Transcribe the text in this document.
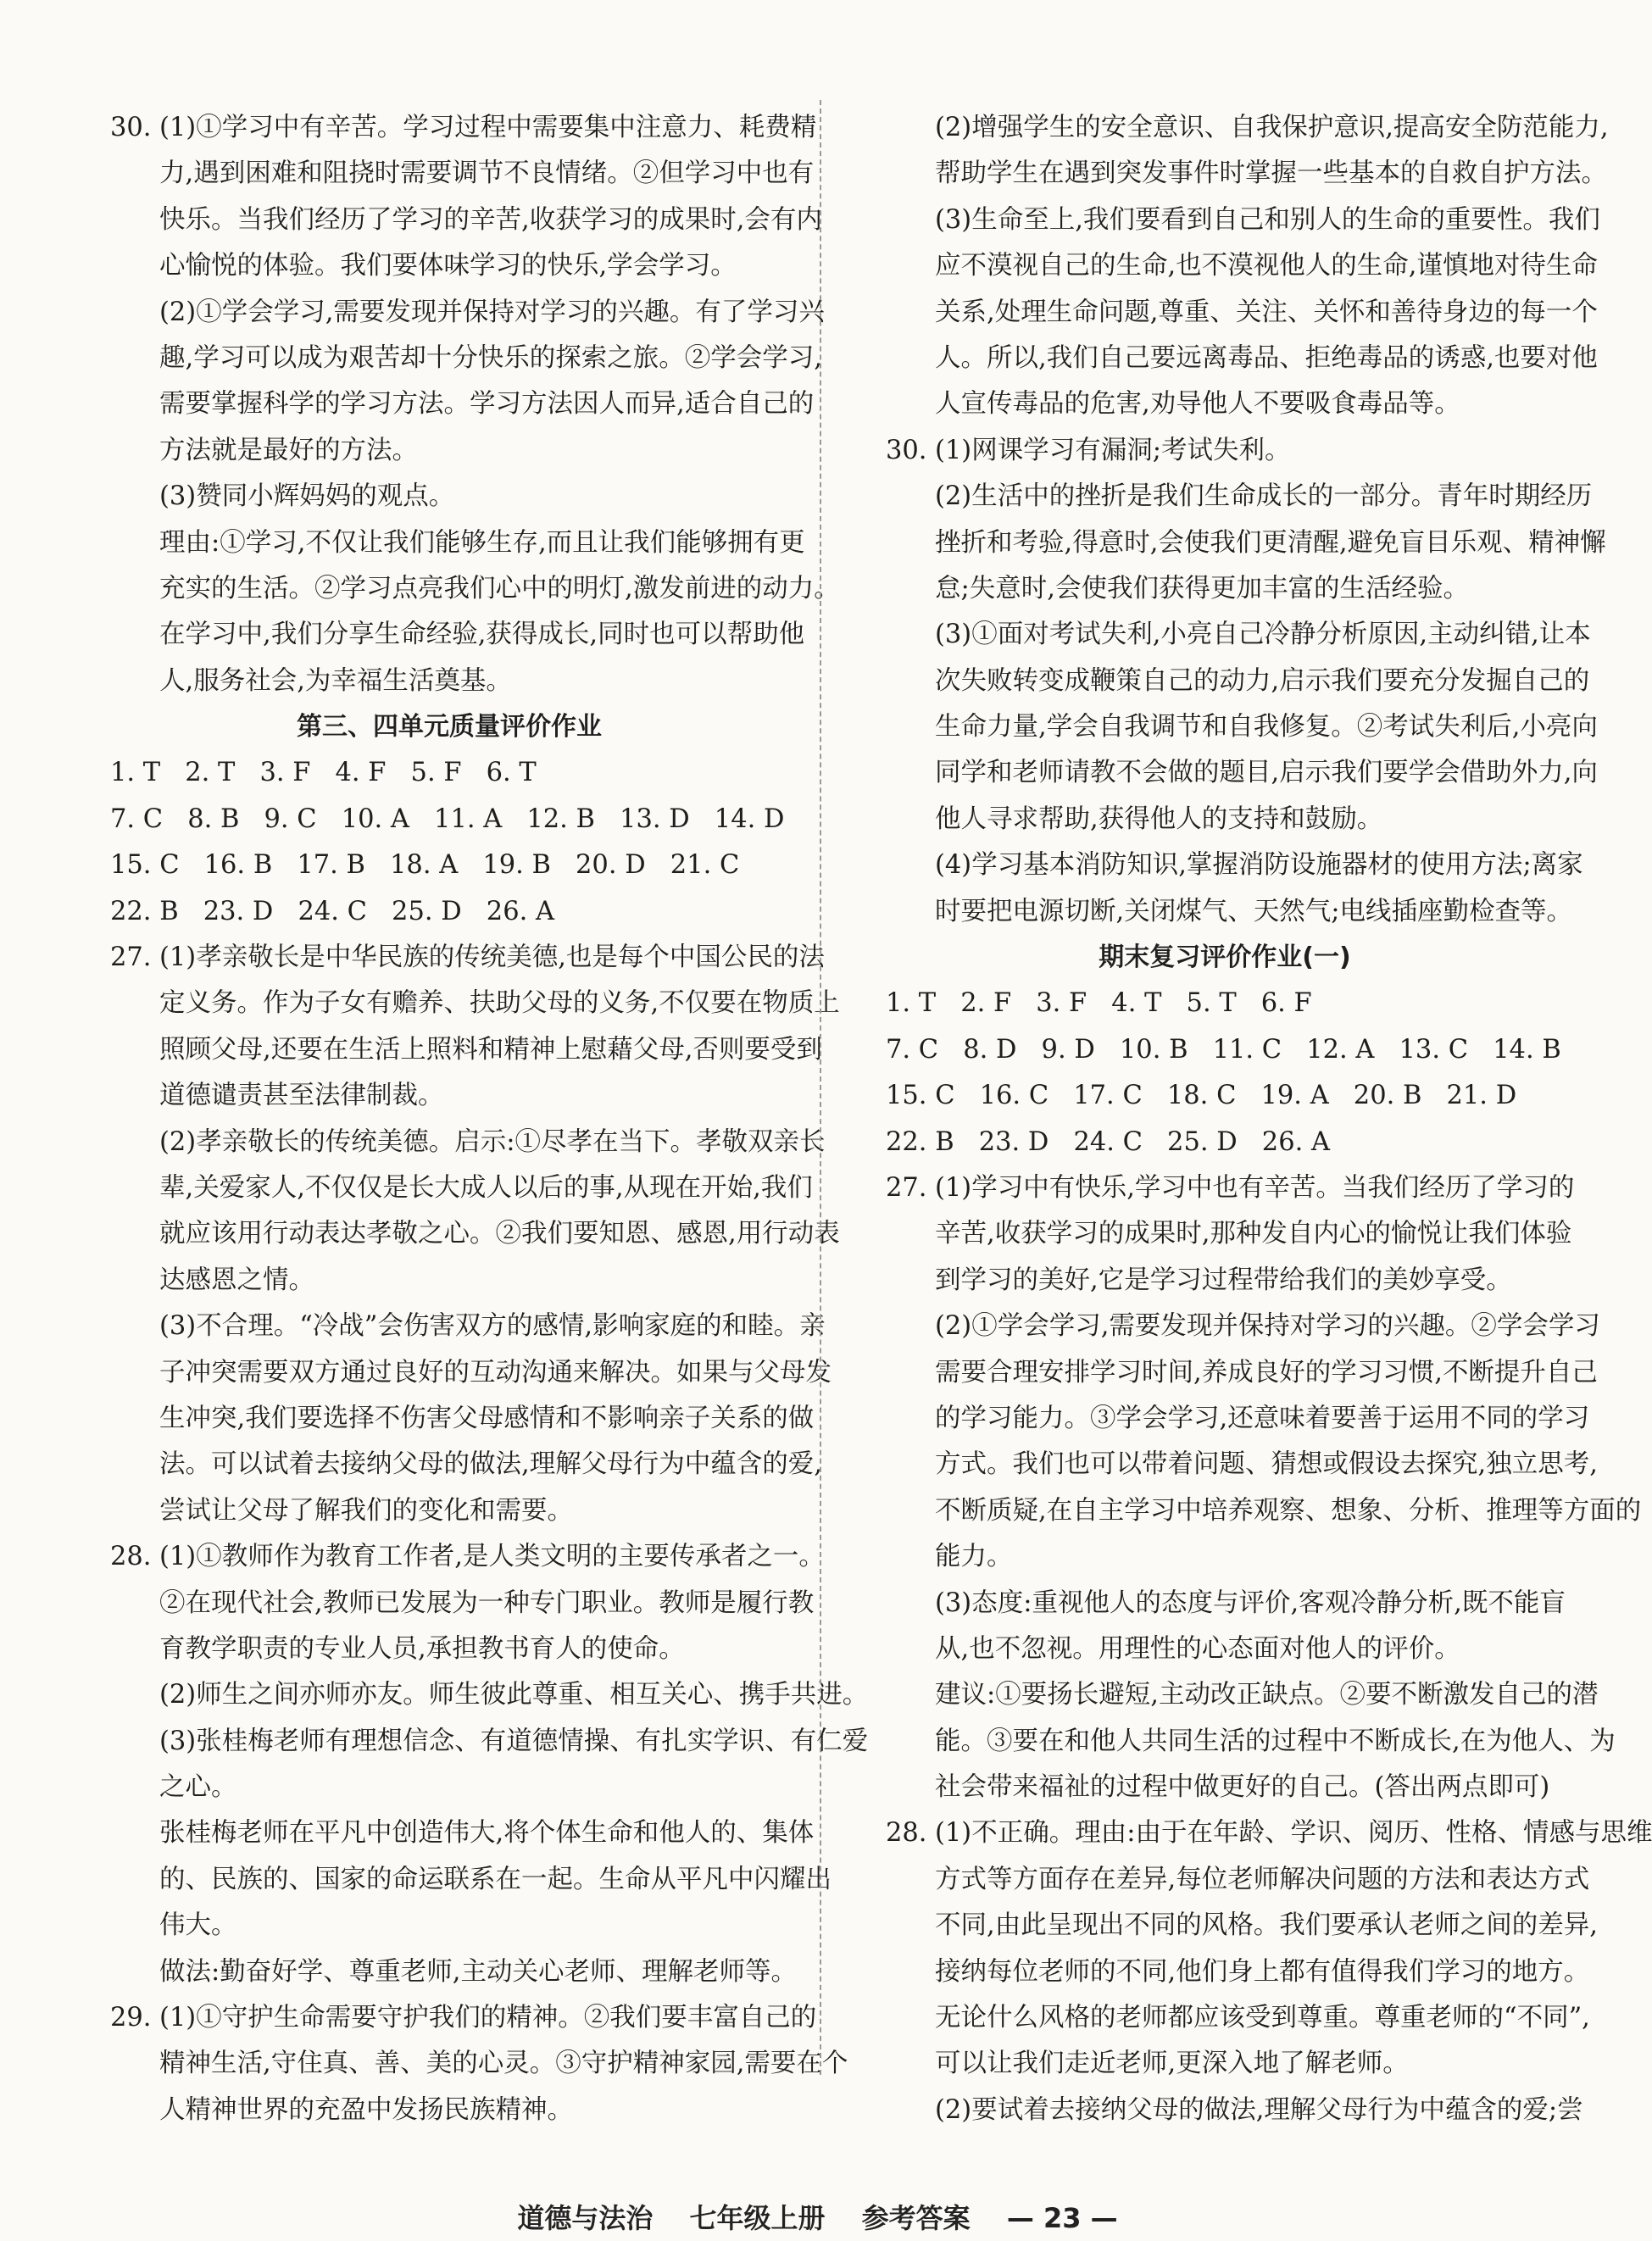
30. (1)①学习中有辛苦。学习过程中需要集中注意力、耗费精
力,遇到困难和阻挠时需要调节不良情绪。②但学习中也有
快乐。当我们经历了学习的辛苦,收获学习的成果时,会有内
心愉悦的体验。我们要体味学习的快乐,学会学习。
(2)①学会学习,需要发现并保持对学习的兴趣。有了学习兴
趣,学习可以成为艰苦却十分快乐的探索之旅。②学会学习,
需要掌握科学的学习方法。学习方法因人而异,适合自己的
方法就是最好的方法。
(3)赞同小辉妈妈的观点。
理由:①学习,不仅让我们能够生存,而且让我们能够拥有更
充实的生活。②学习点亮我们心中的明灯,激发前进的动力。
在学习中,我们分享生命经验,获得成长,同时也可以帮助他
人,服务社会,为幸福生活奠基。
第三、四单元质量评价作业
1. T   2. T   3. F   4. F   5. F   6. T
7. C   8. B   9. C   10. A   11. A   12. B   13. D   14. D
15. C   16. B   17. B   18. A   19. B   20. D   21. C
22. B   23. D   24. C   25. D   26. A
27. (1)孝亲敬长是中华民族的传统美德,也是每个中国公民的法
定义务。作为子女有赡养、扶助父母的义务,不仅要在物质上
照顾父母,还要在生活上照料和精神上慰藉父母,否则要受到
道德谴责甚至法律制裁。
(2)孝亲敬长的传统美德。启示:①尽孝在当下。孝敬双亲长
辈,关爱家人,不仅仅是长大成人以后的事,从现在开始,我们
就应该用行动表达孝敬之心。②我们要知恩、感恩,用行动表
达感恩之情。
(3)不合理。“冷战”会伤害双方的感情,影响家庭的和睦。亲
子冲突需要双方通过良好的互动沟通来解决。如果与父母发
生冲突,我们要选择不伤害父母感情和不影响亲子关系的做
法。可以试着去接纳父母的做法,理解父母行为中蕴含的爱,
尝试让父母了解我们的变化和需要。
28. (1)①教师作为教育工作者,是人类文明的主要传承者之一。
②在现代社会,教师已发展为一种专门职业。教师是履行教
育教学职责的专业人员,承担教书育人的使命。
(2)师生之间亦师亦友。师生彼此尊重、相互关心、携手共进。
(3)张桂梅老师有理想信念、有道德情操、有扎实学识、有仁爱
之心。
张桂梅老师在平凡中创造伟大,将个体生命和他人的、集体
的、民族的、国家的命运联系在一起。生命从平凡中闪耀出
伟大。
做法:勤奋好学、尊重老师,主动关心老师、理解老师等。
29. (1)①守护生命需要守护我们的精神。②我们要丰富自己的
精神生活,守住真、善、美的心灵。③守护精神家园,需要在个
人精神世界的充盈中发扬民族精神。
(2)增强学生的安全意识、自我保护意识,提高安全防范能力,
帮助学生在遇到突发事件时掌握一些基本的自救自护方法。
(3)生命至上,我们要看到自己和别人的生命的重要性。我们
应不漠视自己的生命,也不漠视他人的生命,谨慎地对待生命
关系,处理生命问题,尊重、关注、关怀和善待身边的每一个
人。所以,我们自己要远离毒品、拒绝毒品的诱惑,也要对他
人宣传毒品的危害,劝导他人不要吸食毒品等。
30. (1)网课学习有漏洞;考试失利。
(2)生活中的挫折是我们生命成长的一部分。青年时期经历
挫折和考验,得意时,会使我们更清醒,避免盲目乐观、精神懈
怠;失意时,会使我们获得更加丰富的生活经验。
(3)①面对考试失利,小亮自己冷静分析原因,主动纠错,让本
次失败转变成鞭策自己的动力,启示我们要充分发掘自己的
生命力量,学会自我调节和自我修复。②考试失利后,小亮向
同学和老师请教不会做的题目,启示我们要学会借助外力,向
他人寻求帮助,获得他人的支持和鼓励。
(4)学习基本消防知识,掌握消防设施器材的使用方法;离家
时要把电源切断,关闭煤气、天然气;电线插座勤检查等。
期末复习评价作业(一)
1. T   2. F   3. F   4. T   5. T   6. F
7. C   8. D   9. D   10. B   11. C   12. A   13. C   14. B
15. C   16. C   17. C   18. C   19. A   20. B   21. D
22. B   23. D   24. C   25. D   26. A
27. (1)学习中有快乐,学习中也有辛苦。当我们经历了学习的
辛苦,收获学习的成果时,那种发自内心的愉悦让我们体验
到学习的美好,它是学习过程带给我们的美妙享受。
(2)①学会学习,需要发现并保持对学习的兴趣。②学会学习
需要合理安排学习时间,养成良好的学习习惯,不断提升自己
的学习能力。③学会学习,还意味着要善于运用不同的学习
方式。我们也可以带着问题、猜想或假设去探究,独立思考,
不断质疑,在自主学习中培养观察、想象、分析、推理等方面的
能力。
(3)态度:重视他人的态度与评价,客观冷静分析,既不能盲
从,也不忽视。用理性的心态面对他人的评价。
建议:①要扬长避短,主动改正缺点。②要不断激发自己的潜
能。③要在和他人共同生活的过程中不断成长,在为他人、为
社会带来福祉的过程中做更好的自己。(答出两点即可)
28. (1)不正确。理由:由于在年龄、学识、阅历、性格、情感与思维
方式等方面存在差异,每位老师解决问题的方法和表达方式
不同,由此呈现出不同的风格。我们要承认老师之间的差异,
接纳每位老师的不同,他们身上都有值得我们学习的地方。
无论什么风格的老师都应该受到尊重。尊重老师的“不同”,
可以让我们走近老师,更深入地了解老师。
(2)要试着去接纳父母的做法,理解父母行为中蕴含的爱;尝
道德与法治 七年级上册 参考答案 — 23 —
